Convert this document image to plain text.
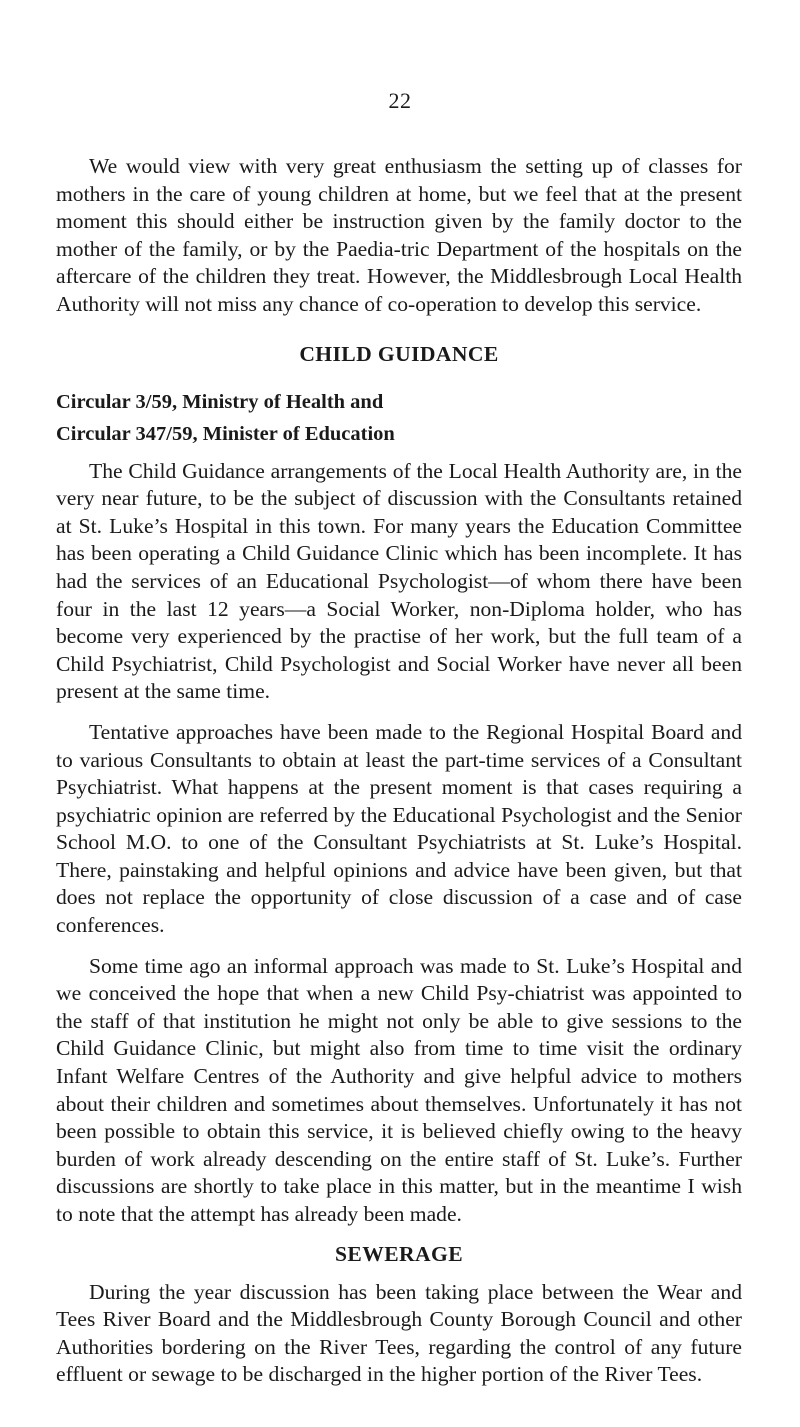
22

We would view with very great enthusiasm the setting up of classes for mothers in the care of young children at home, but we feel that at the present moment this should either be instruction given by the family doctor to the mother of the family, or by the Paedia-tric Department of the hospitals on the aftercare of the children they treat. However, the Middlesbrough Local Health Authority will not miss any chance of co-operation to develop this service.

CHILD GUIDANCE
Circular 3/59, Ministry of Health and
Circular 347/59, Minister of Education

The Child Guidance arrangements of the Local Health Authority are, in the very near future, to be the subject of discussion with the Consultants retained at St. Luke’s Hospital in this town. For many years the Education Committee has been operating a Child Guidance Clinic which has been incomplete. It has had the services of an Educational Psychologist—of whom there have been four in the last 12 years—a Social Worker, non-Diploma holder, who has become very experienced by the practise of her work, but the full team of a Child Psychiatrist, Child Psychologist and Social Worker have never all been present at the same time.

Tentative approaches have been made to the Regional Hospital Board and to various Consultants to obtain at least the part-time services of a Consultant Psychiatrist. What happens at the present moment is that cases requiring a psychiatric opinion are referred by the Educational Psychologist and the Senior School M.O. to one of the Consultant Psychiatrists at St. Luke’s Hospital. There, painstaking and helpful opinions and advice have been given, but that does not replace the opportunity of close discussion of a case and of case conferences.

Some time ago an informal approach was made to St. Luke’s Hospital and we conceived the hope that when a new Child Psy-chiatrist was appointed to the staff of that institution he might not only be able to give sessions to the Child Guidance Clinic, but might also from time to time visit the ordinary Infant Welfare Centres of the Authority and give helpful advice to mothers about their children and sometimes about themselves. Unfortunately it has not been possible to obtain this service, it is believed chiefly owing to the heavy burden of work already descending on the entire staff of St. Luke’s. Further discussions are shortly to take place in this matter, but in the meantime I wish to note that the attempt has already been made.

SEWERAGE

During the year discussion has been taking place between the Wear and Tees River Board and the Middlesbrough County Borough Council and other Authorities bordering on the River Tees, regarding the control of any future effluent or sewage to be discharged in the higher portion of the River Tees.
